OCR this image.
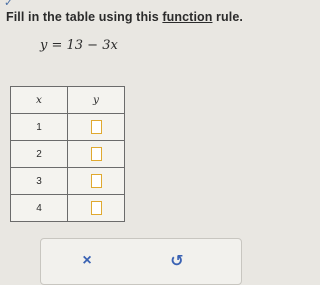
✓
Fill in the table using this function rule.
y = 13 − 3x
x	y
1	
2	
3	
4	
×	↺
